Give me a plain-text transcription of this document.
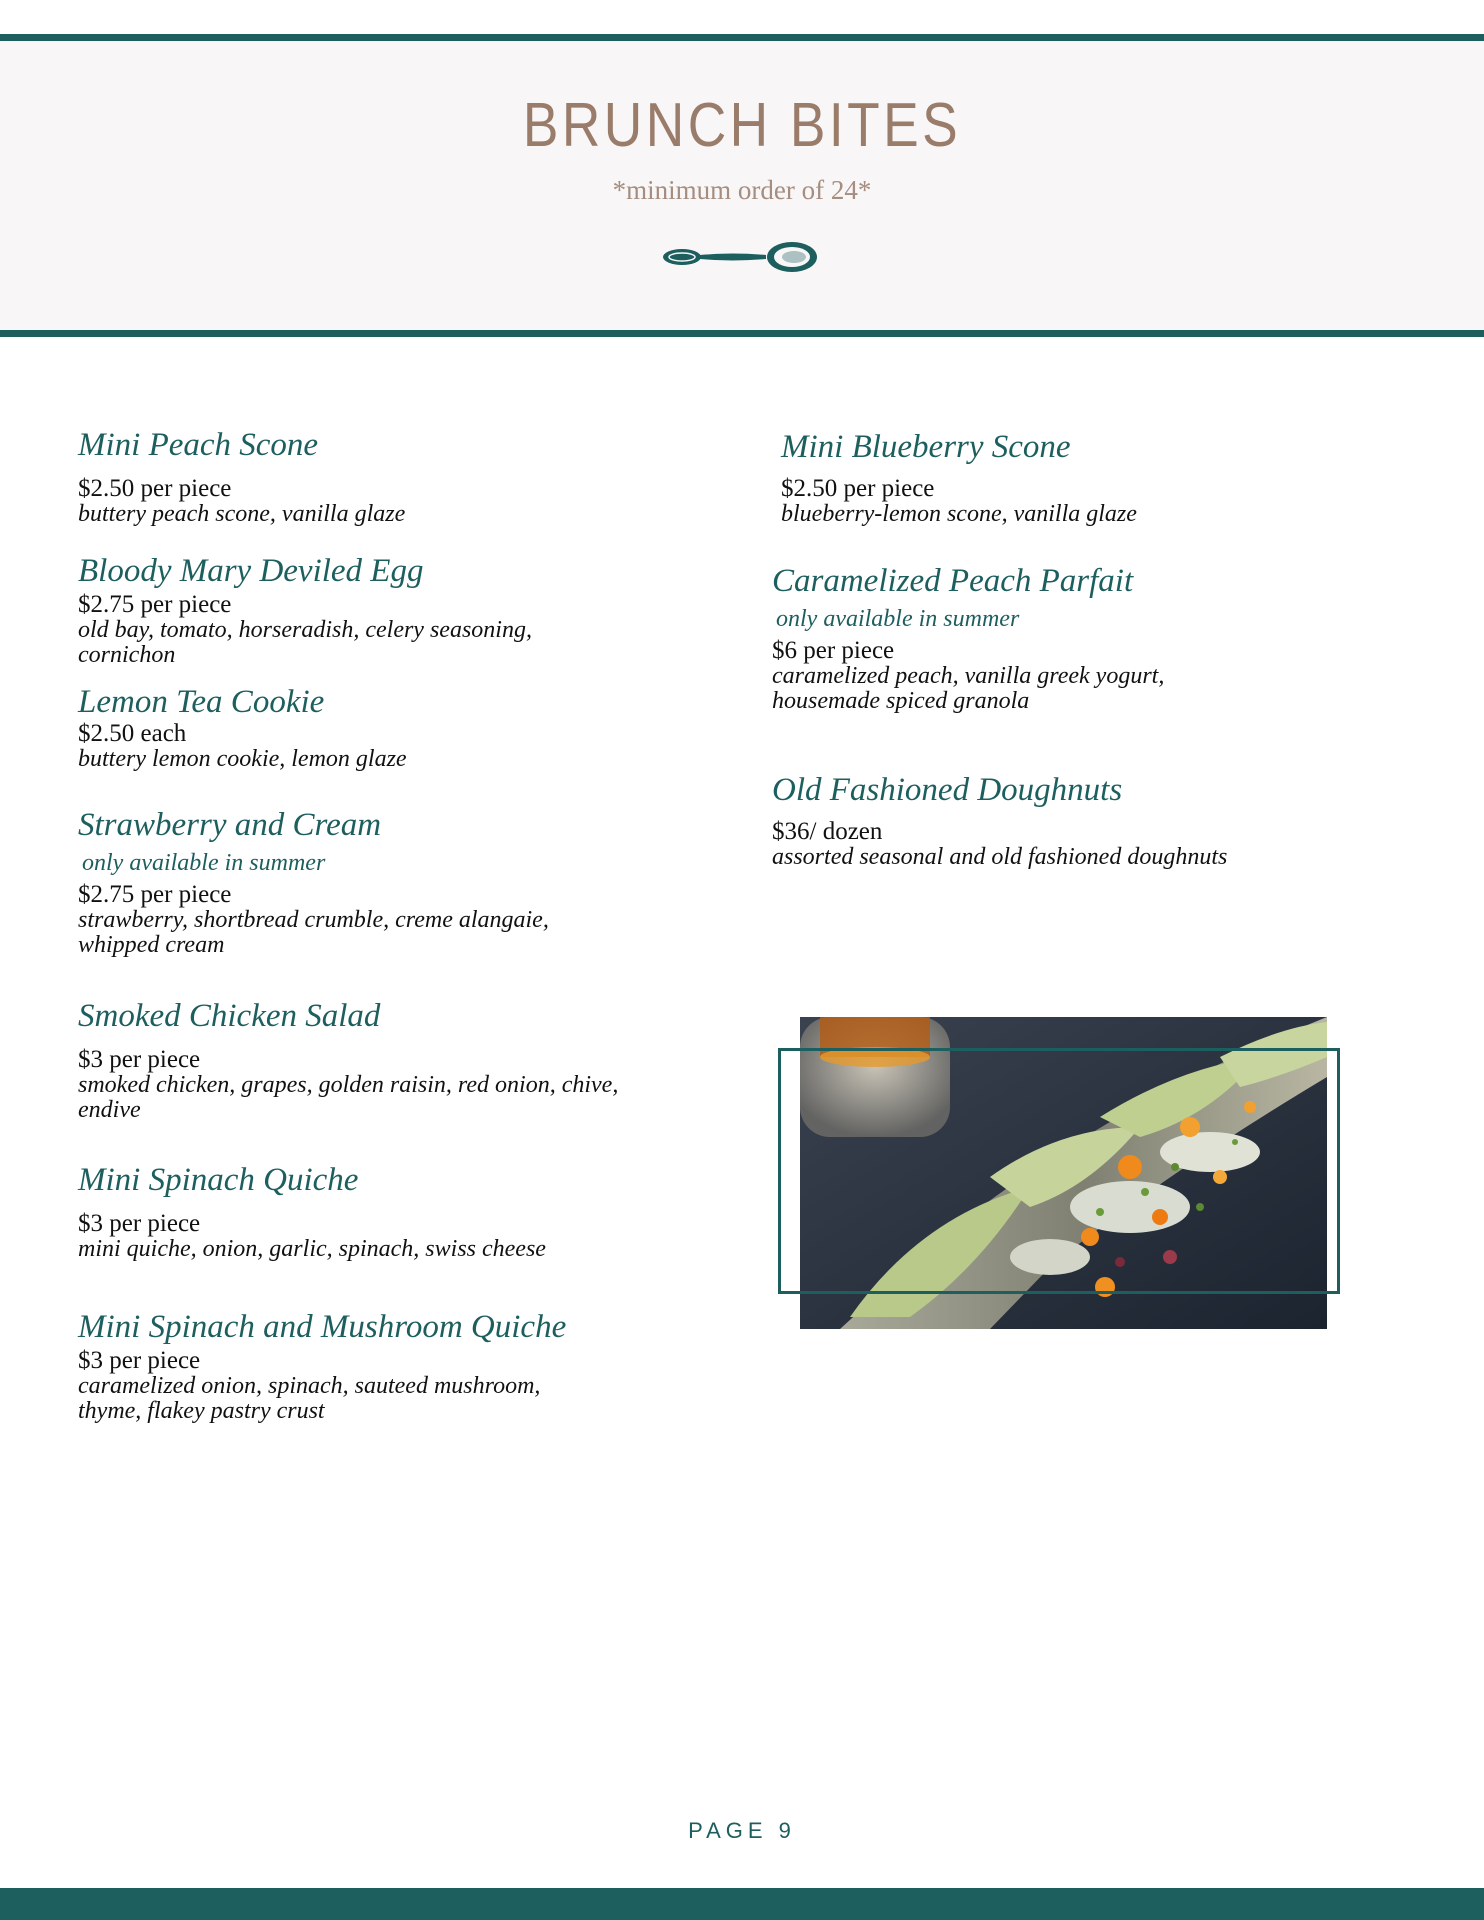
BRUNCH BITES
*minimum order of 24*
Mini Peach Scone
$2.50 per piece
buttery peach scone, vanilla glaze
Bloody Mary Deviled Egg
$2.75 per piece
old bay, tomato, horseradish, celery seasoning, cornichon
Lemon Tea Cookie
$2.50 each
buttery lemon cookie, lemon glaze
Strawberry and Cream
only available in summer
$2.75 per piece
strawberry, shortbread crumble, creme alangaie, whipped cream
Smoked Chicken Salad
$3 per piece
smoked chicken, grapes, golden raisin, red onion, chive, endive
Mini Spinach Quiche
$3 per piece
mini quiche, onion, garlic, spinach, swiss cheese
Mini Spinach and Mushroom Quiche
$3 per piece
caramelized onion, spinach, sauteed mushroom, thyme, flakey pastry crust
Mini Blueberry Scone
$2.50 per piece
blueberry-lemon scone, vanilla glaze
Caramelized Peach Parfait
only available in summer
$6 per piece
caramelized peach, vanilla greek yogurt, housemade spiced granola
Old Fashioned Doughnuts
$36/ dozen
assorted seasonal and old fashioned doughnuts
PAGE 9
